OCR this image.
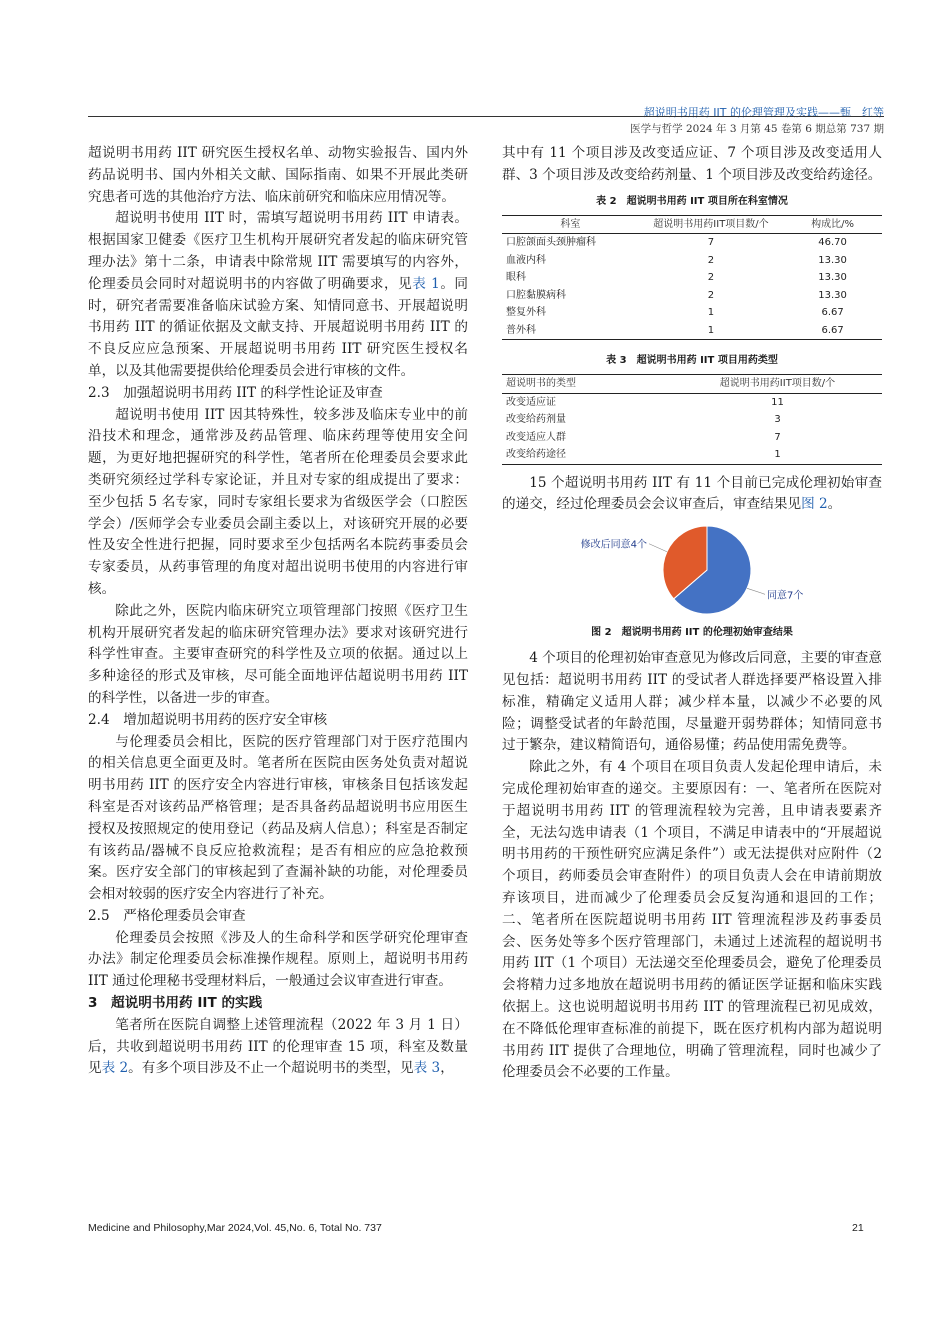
超说明书用药 IIT 的伦理管理及实践——甄　红等
医学与哲学 2024 年 3 月第 45 卷第 6 期总第 737 期

超说明书用药 IIT 研究医生授权名单、动物实验报告、国内外药品说明书、国内外相关文献、国际指南、如果不开展此类研究患者可选的其他治疗方法、临床前研究和临床应用情况等。

超说明书使用 IIT 时，需填写超说明书用药 IIT 申请表。根据国家卫健委《医疗卫生机构开展研究者发起的临床研究管理办法》第十二条，申请表中除常规 IIT 需要填写的内容外，伦理委员会同时对超说明书的内容做了明确要求，见表 1。同时，研究者需要准备临床试验方案、知情同意书、开展超说明书用药 IIT 的循证依据及文献支持、开展超说明书用药 IIT 的不良反应应急预案、开展超说明书用药 IIT 研究医生授权名单，以及其他需要提供给伦理委员会进行审核的文件。

2.3　加强超说明书用药 IIT 的科学性论证及审查

超说明书使用 IIT 因其特殊性，较多涉及临床专业中的前沿技术和理念，通常涉及药品管理、临床药理等使用安全问题，为更好地把握研究的科学性，笔者所在伦理委员会要求此类研究须经过学科专家论证，并且对专家的组成提出了要求：至少包括 5 名专家，同时专家组长要求为省级医学会（口腔医学会）/医师学会专业委员会副主委以上，对该研究开展的必要性及安全性进行把握，同时要求至少包括两名本院药事委员会专家委员，从药事管理的角度对超出说明书使用的内容进行审核。

除此之外，医院内临床研究立项管理部门按照《医疗卫生机构开展研究者发起的临床研究管理办法》要求对该研究进行科学性审查。主要审查研究的科学性及立项的依据。通过以上多种途径的形式及审核，尽可能全面地评估超说明书用药 IIT 的科学性，以备进一步的审查。

2.4　增加超说明书用药的医疗安全审核

与伦理委员会相比，医院的医疗管理部门对于医疗范围内的相关信息更全面更及时。笔者所在医院由医务处负责对超说明书用药 IIT 的医疗安全内容进行审核，审核条目包括该发起科室是否对该药品严格管理；是否具备药品超说明书应用医生授权及按照规定的使用登记（药品及病人信息）；科室是否制定有该药品/器械不良反应抢救流程；是否有相应的应急抢救预案。医疗安全部门的审核起到了查漏补缺的功能，对伦理委员会相对较弱的医疗安全内容进行了补充。

2.5　严格伦理委员会审查

伦理委员会按照《涉及人的生命科学和医学研究伦理审查办法》制定伦理委员会标准操作规程。原则上，超说明书用药 IIT 通过伦理秘书受理材料后，一般通过会议审查进行审查。

3　超说明书用药 IIT 的实践

笔者所在医院自调整上述管理流程（2022 年 3 月 1 日）后，共收到超说明书用药 IIT 的伦理审查 15 项，科室及数量见表 2。有多个项目涉及不止一个超说明书的类型，见表 3，

其中有 11 个项目涉及改变适应证、7 个项目涉及改变适用人群、3 个项目涉及改变给药剂量、1 个项目涉及改变给药途径。

表 2　超说明书用药 IIT 项目所在科室情况
科室	超说明书用药IIT项目数/个	构成比/%
口腔颌面头颈肿瘤科	7	46.70
血液内科	2	13.30
眼科	2	13.30
口腔黏膜病科	2	13.30
整复外科	1	6.67
普外科	1	6.67
表 3　超说明书用药 IIT 项目用药类型
超说明书的类型	超说明书用药IIT项目数/个
改变适应证	11
改变给药剂量	3
改变适应人群	7
改变给药途径	1

15 个超说明书用药 IIT 有 11 个目前已完成伦理初始审查的递交，经过伦理委员会会议审查后，审查结果见图 2。

同意7个
修改后同意4个
图 2　超说明书用药 IIT 的伦理初始审查结果

4 个项目的伦理初始审查意见为修改后同意，主要的审查意见包括：超说明书用药 IIT 的受试者人群选择要严格设置入排标准，精确定义适用人群；减少样本量，以减少不必要的风险；调整受试者的年龄范围，尽量避开弱势群体；知情同意书过于繁杂，建议精简语句，通俗易懂；药品使用需免费等。

除此之外，有 4 个项目在项目负责人发起伦理申请后，未完成伦理初始审查的递交。主要原因有：一、笔者所在医院对于超说明书用药 IIT 的管理流程较为完善，且申请表要素齐全，无法勾选申请表（1 个项目，不满足申请表中的“开展超说明书用药的干预性研究应满足条件”）或无法提供对应附件（2 个项目，药师委员会审查附件）的项目负责人会在申请前期放弃该项目，进而减少了伦理委员会反复沟通和退回的工作；二、笔者所在医院超说明书用药 IIT 管理流程涉及药事委员会、医务处等多个医疗管理部门，未通过上述流程的超说明书用药 IIT（1 个项目）无法递交至伦理委员会，避免了伦理委员会将精力过多地放在超说明书用药的循证医学证据和临床实践依据上。这也说明超说明书用药 IIT 的管理流程已初见成效，在不降低伦理审查标准的前提下，既在医疗机构内部为超说明书用药 IIT 提供了合理地位，明确了管理流程，同时也减少了伦理委员会不必要的工作量。

Medicine and Philosophy,Mar 2024,Vol. 45,No. 6, Total No. 737	21
